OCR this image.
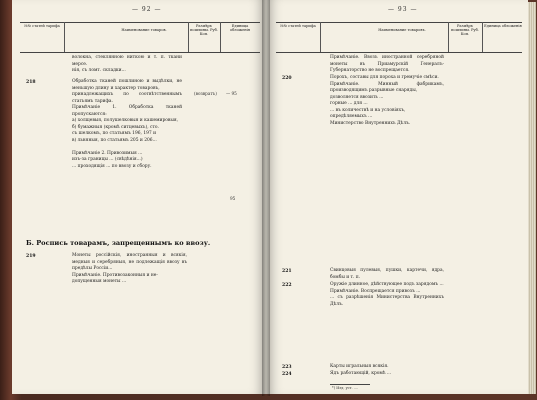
— 92 —
№№ статей тарифа
Наименование товаров.
Размѣръ пошлины. Руб. Коп.
Единица обложенія
волокна, стеклянною ниткою и т. п. ткани мерсе.
нія, съ ломт. складки...
218	Обработка тканей пошлиною и выдѣлки, не меньшую длину и характер товаровъ,
принадлежащихъ по соотвѣтственнымъ статьямъ тарифа.
Примѣчаніе 1. Обработка тканей пропускаются:
а) холщевыя, полушелковыя и кашемировыя,
б) бумажныя (кромѣ ситцевыхъ), сто.
съ шелкомъ, по статьямъ 196, 197 и
в) льняныя, по статьямъ 205 и 206...

Примѣчаніе 2. Привозимыя ...
изъ-за границы ... (свѣдѣнія...)
... проходящія ... по ввозу и сбору.
(возвратъ) — 95
95
Б. Роспись товарамъ, запрещеннымъ ко ввозу.
219	Монеты россійскія, иностранныя и всякія, медныя и серебряныя, не подлежащія ввозу въ предѣлы Россіи...
Примѣчаніе. Противозаконныя и не-
допущенныя монеты ...
— 93 —
№№ статей тарифа
Наименование товаровъ.
Размѣръ пошлины. Руб. Коп.
Единица обложенія
Примѣчаніе. Ввозъ иностранной серебряной монеты въ Приамурскій Генералъ-Губернаторство не воспрещается.
220	Порохъ, составы для пороха и гремучіе смѣси.
Примѣчаніе. Минный фабрикамъ, производящимъ разрывные снаряды,
дозволяется ввозить ...
горные ... для ...
... въ количествѣ и на условіяхъ,
опредѣляемыхъ ...
Министерство Внутреннихъ Дѣлъ.
221	Свинцовыя пулевыя, пушки, картечи, ядра, бомбы и т. п.
222	Оружіе длинное, дѣйствующее подъ зарядомъ ...
Примѣчаніе. Воспрещается привозъ ...
... съ разрѣшенія Министерства Внутреннихъ Дѣлъ.
223	Карты игральныя всякія.
224	Ядъ работающій, кромѣ ...
*) Изд. уст. ....
